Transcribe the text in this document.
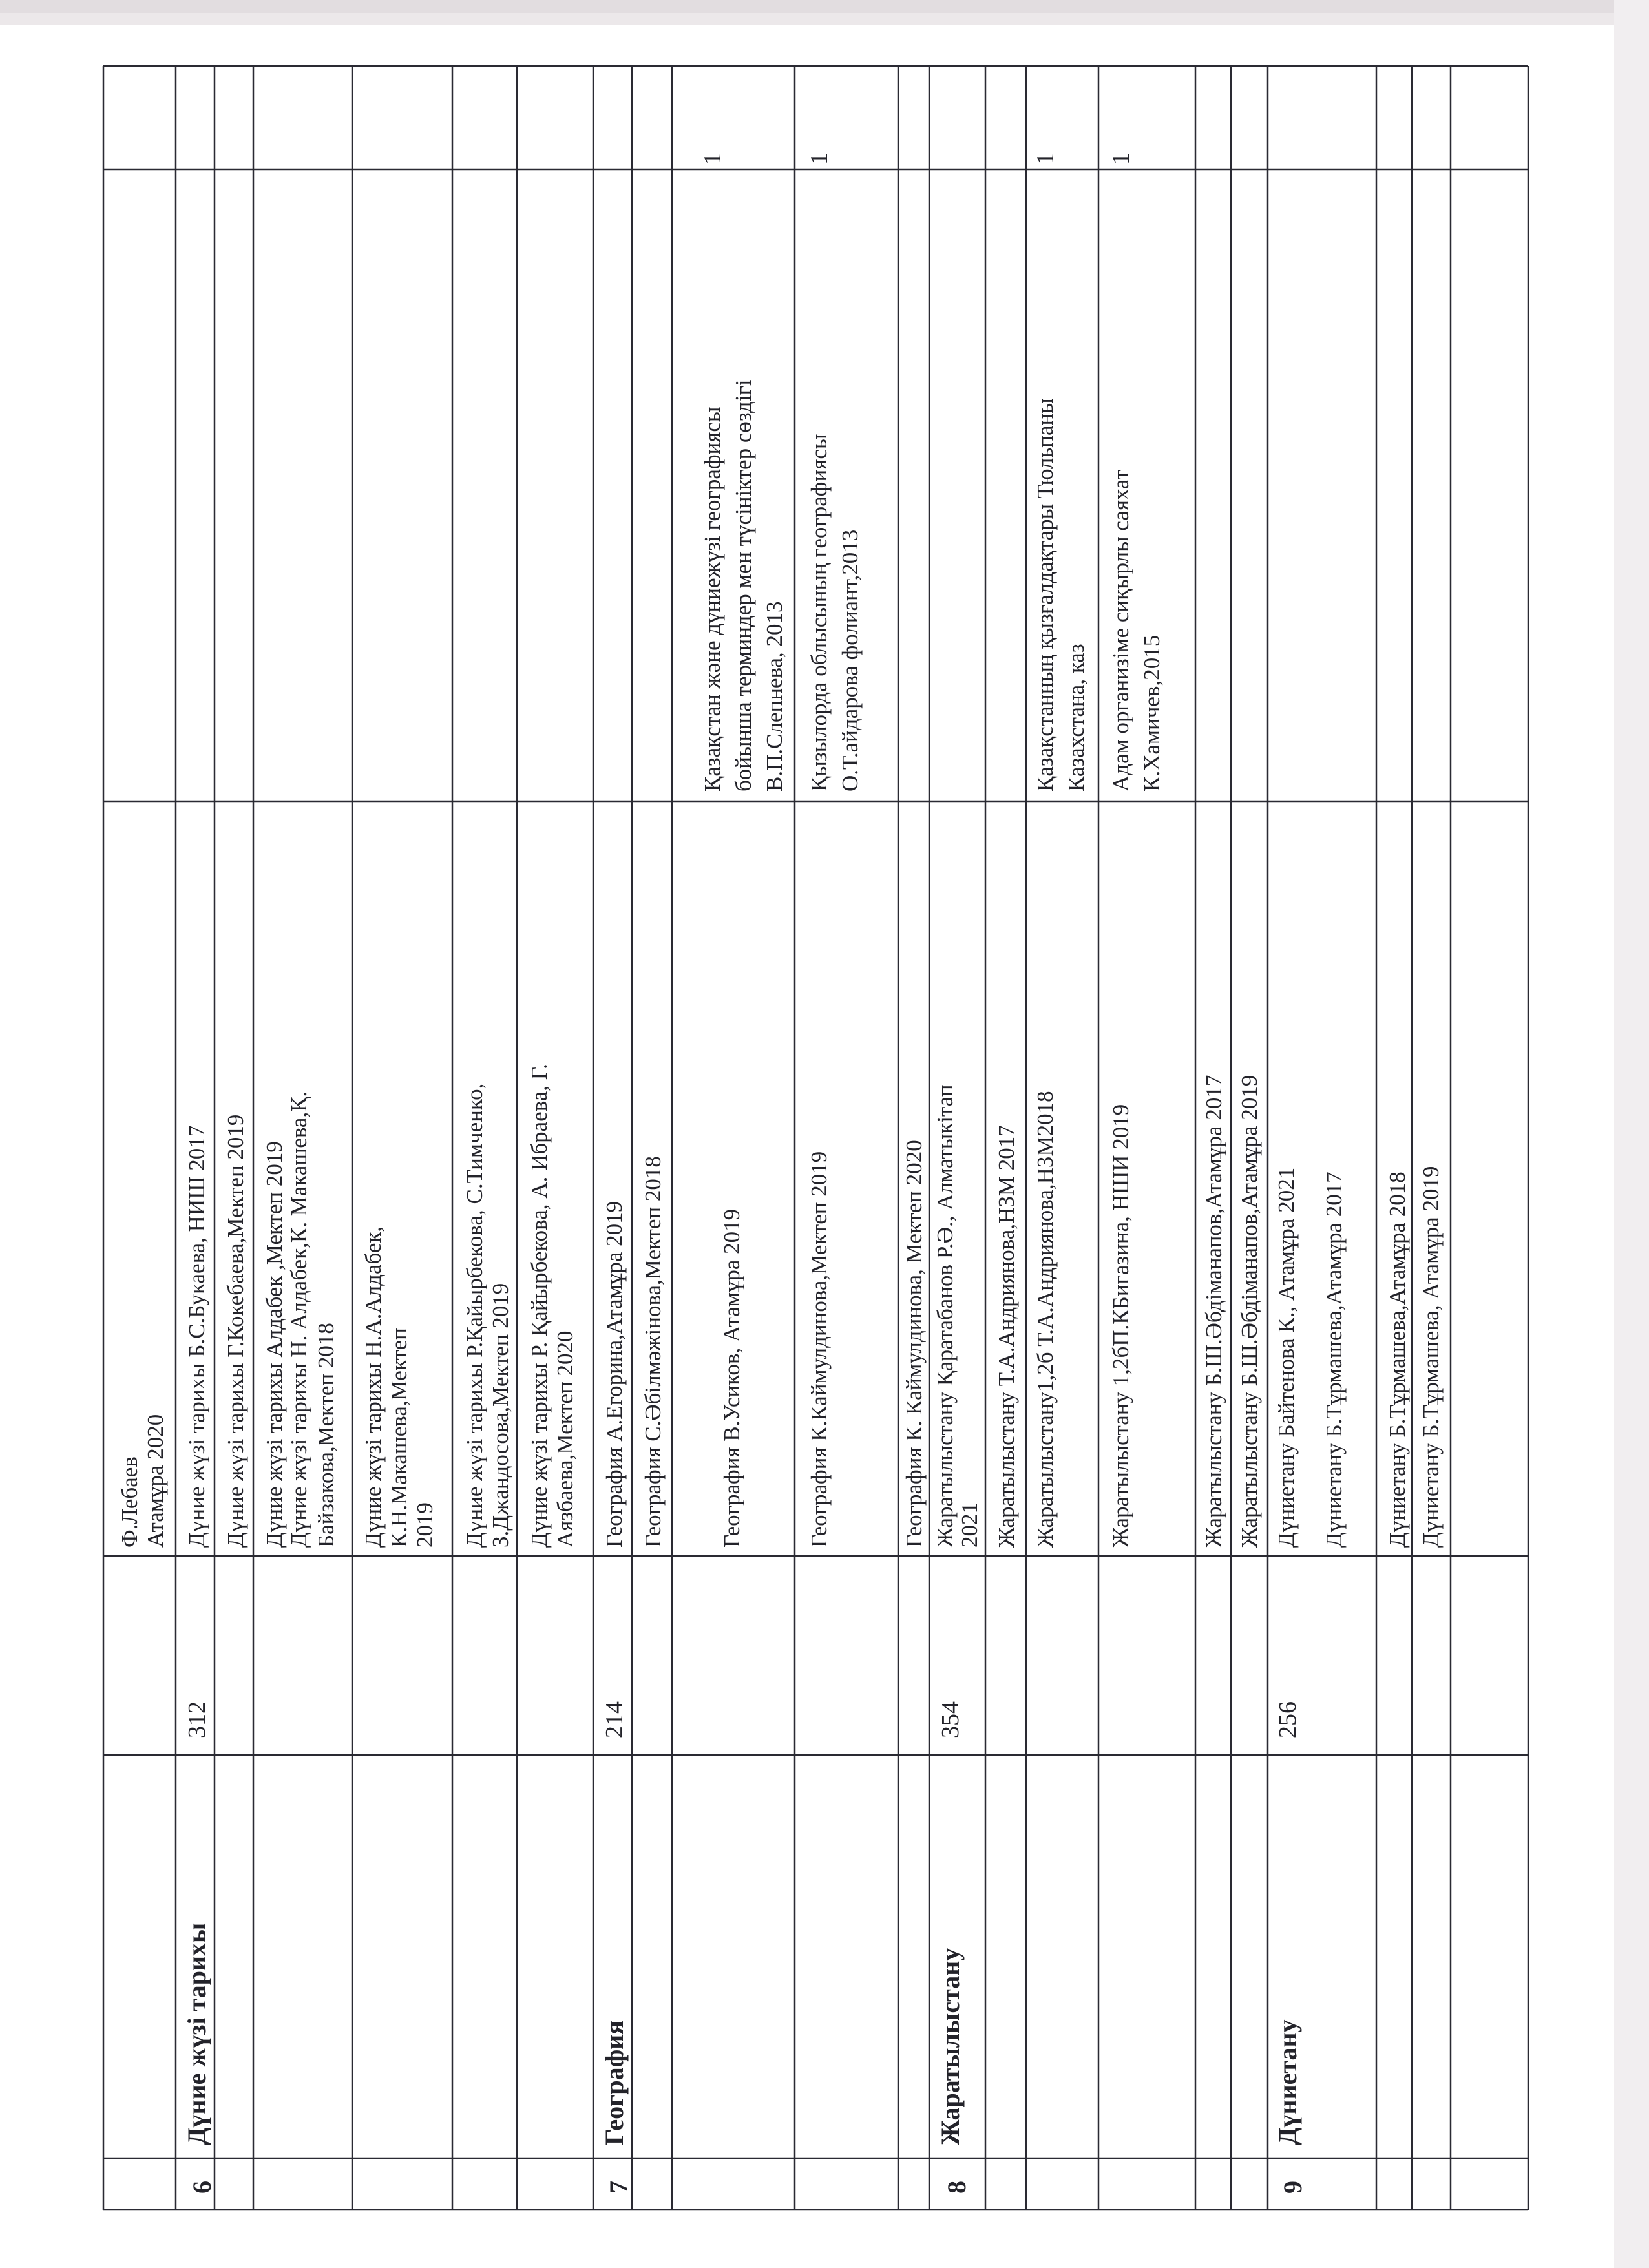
Ф.Лебаев Атамұра 2020
6
Дүние жүзі тарихы
312
Дүние жүзі тарихы Б.С.Букаева, НИШ 2017 Дүние жүзі тарихы Г.Кокебаева,Мектеп 2019 Дүние жүзі тарихы Алдабек ,Мектеп 2019 Дүние жүзі тарихы Н. Алдабек,К. Макашева,Қ. Байзакова,Мектеп 2018 Дүние жүзі тарихы Н.А.Алдабек, К.Н.Макашева,Мектеп 2019 Дүние жүзі тарихы Р.Қайырбекова, С.Тимченко, З.Джандосова,Мектеп 2019 Дүние жүзі тарихы Р. Қайырбекова, А. Ибраева, Г. Аязбаева,Мектеп 2020
7
География
214
География А.Егорина,Атамұра 2019 География С.Әбілмәжінова,Мектеп 2018 География В.Усиков, Атамұра 2019
Қазақстан және дүниежүзі географиясы бойынша терминдер мен түсініктер сөздігі В.П.Слепнева, 2013
1
География К.Каймулдинова,Мектеп 2019
Қызылорда облысының географиясы О.Т.айдарова фолиант,2013
1
География К. Каймулдинова, Мектеп 2020
8
Жаратылыстану
354
Жаратылыстану Қаратабанов Р.Ә., Алматыкітап 2021 Жаратылыстану Т.А.Андриянова,НЗМ 2017 Жаратылыстану1,2б Т.А.Андриянова,НЗМ2018
Қазақстанның қызғалдақтары Тюльпаны Казахстана, каз
1
Жаратылыстану 1,2бП.КБигазина, НШИ 2019
Адам организіме сиқырлы саяхат К.Хамичев,2015
1
Жаратылыстану Б.Ш.Әбдіманапов,Атамұра 2017 Жаратылыстану Б.Ш.Әбдіманапов,Атамұра 2019
9
Дүниетану
256
Дүниетану Байтенова К., Атамұра 2021 Дүниетану Б.Тұрмашева,Атамұра 2017 Дүниетану Б.Тұрмашева,Атамұра 2018 Дүниетану Б.Тұрмашева, Атамұра 2019
